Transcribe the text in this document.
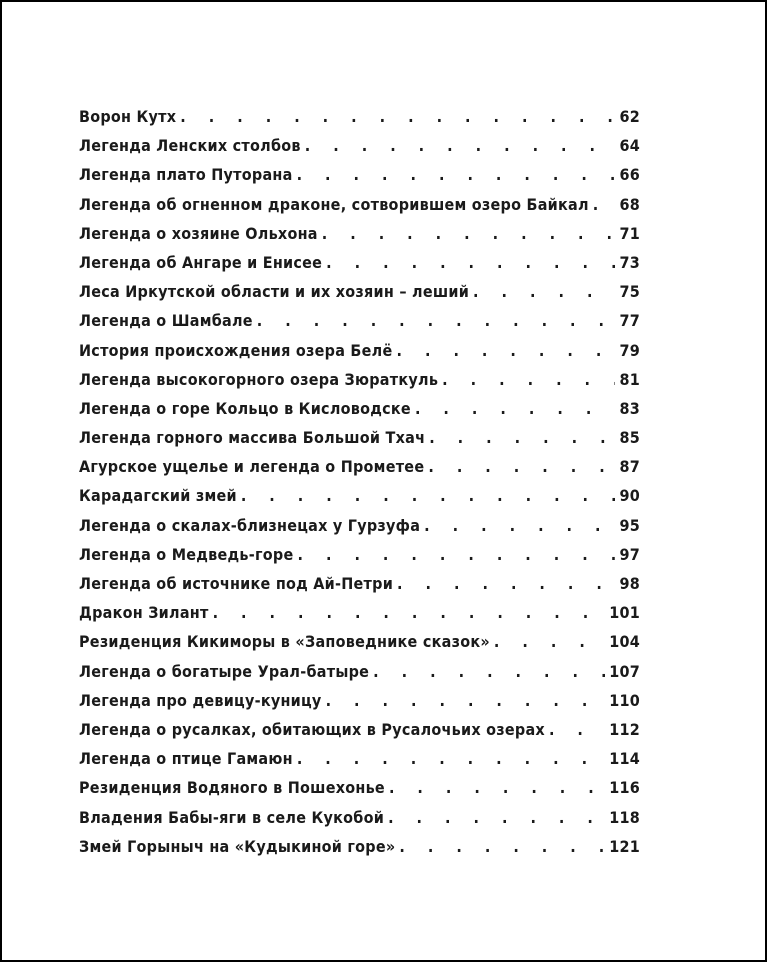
Ворон Кутх . . .	62
Легенда Ленских столбов . . .	64
Легенда плато Путорана . . .	66
Легенда об огненном драконе, сотворившем озеро Байкал . . . 68
Легенда о хозяине Ольхона . . .	71
Легенда об Ангаре и Енисее . . .	73
Леса Иркутской области и их хозяин – леший . . .	75
Легенда о Шамбале . . .	77
История происхождения озера Белё . . .	79
Легенда высокогорного озера Зюраткуль . . .	81
Легенда о горе Кольцо в Кисловодске . . .	83
Легенда горного массива Большой Тхач . . .	85
Агурское ущелье и легенда о Прометее . . .	87
Карадагский змей . . .	90
Легенда о скалах-близнецах у Гурзуфа . . .	95
Легенда о Медведь-горе . . .	97
Легенда об источнике под Ай-Петри . . .	98
Дракон Зилант . . .	101
Резиденция Кикиморы в «Заповеднике сказок» . . .	104
Легенда о богатыре Урал-батыре . . .	107
Легенда про девицу-куницу . . .	110
Легенда о русалках, обитающих в Русалочьих озерах . . .	112
Легенда о птице Гамаюн . . .	114
Резиденция Водяного в Пошехонье . . .	116
Владения Бабы-яги в селе Кукобой . . .	118
Змей Горыныч на «Кудыкиной горе» . . .	121
